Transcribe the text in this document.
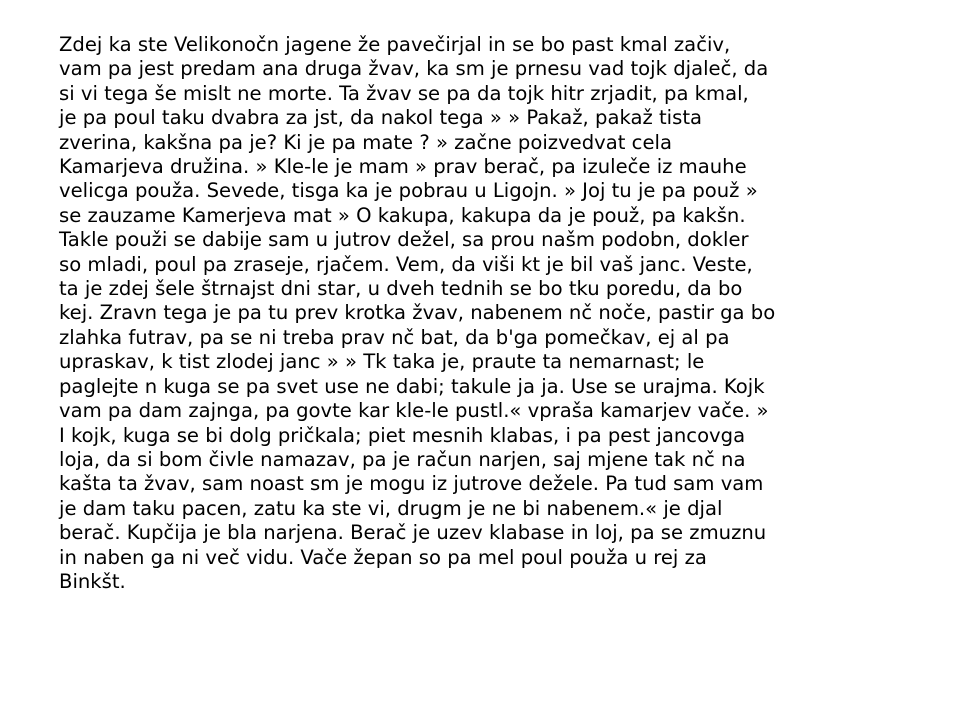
Zdej ka ste Velikonočn jagene že pavečirjal in se bo past kmal začiv,
vam pa jest predam ana druga žvav, ka sm je prnesu vad tojk djaleč, da
si vi tega še mislt ne morte. Ta žvav se pa da tojk hitr zrjadit, pa kmal,
je pa poul taku dvabra za jst, da nakol tega » » Pakaž, pakaž tista
zverina, kakšna pa je? Ki je pa mate ? » začne poizvedvat cela
Kamarjeva družina. » Kle-le je mam » prav berač, pa izuleče iz mauhe
velicga použa. Sevede, tisga ka je pobrau u Ligojn. » Joj tu je pa použ »
se zauzame Kamerjeva mat » O kakupa, kakupa da je použ, pa kakšn.
Takle použi se dabije sam u jutrov dežel, sa prou našm podobn, dokler
so mladi, poul pa zraseje, rjačem. Vem, da viši kt je bil vaš janc. Veste,
ta je zdej šele štrnajst dni star, u dveh tednih se bo tku poredu, da bo
kej. Zravn tega je pa tu prev krotka žvav, nabenem nč noče, pastir ga bo
zlahka futrav, pa se ni treba prav nč bat, da b'ga pomečkav, ej al pa
upraskav, k tist zlodej janc » » Tk taka je, praute ta nemarnast; le
paglejte n kuga se pa svet use ne dabi; takule ja ja. Use se urajma. Kojk
vam pa dam zajnga, pa govte kar kle-le pustl.« vpraša kamarjev vače. »
I kojk, kuga se bi dolg pričkala; piet mesnih klabas, i pa pest jancovga
loja, da si bom čivle namazav, pa je račun narjen, saj mjene tak nč na
kašta ta žvav, sam noast sm je mogu iz jutrove dežele. Pa tud sam vam
je dam taku pacen, zatu ka ste vi, drugm je ne bi nabenem.« je djal
berač. Kupčija je bla narjena. Berač je uzev klabase in loj, pa se zmuznu
in naben ga ni več vidu. Vače žepan so pa mel poul použa u rej za
Binkšt.
